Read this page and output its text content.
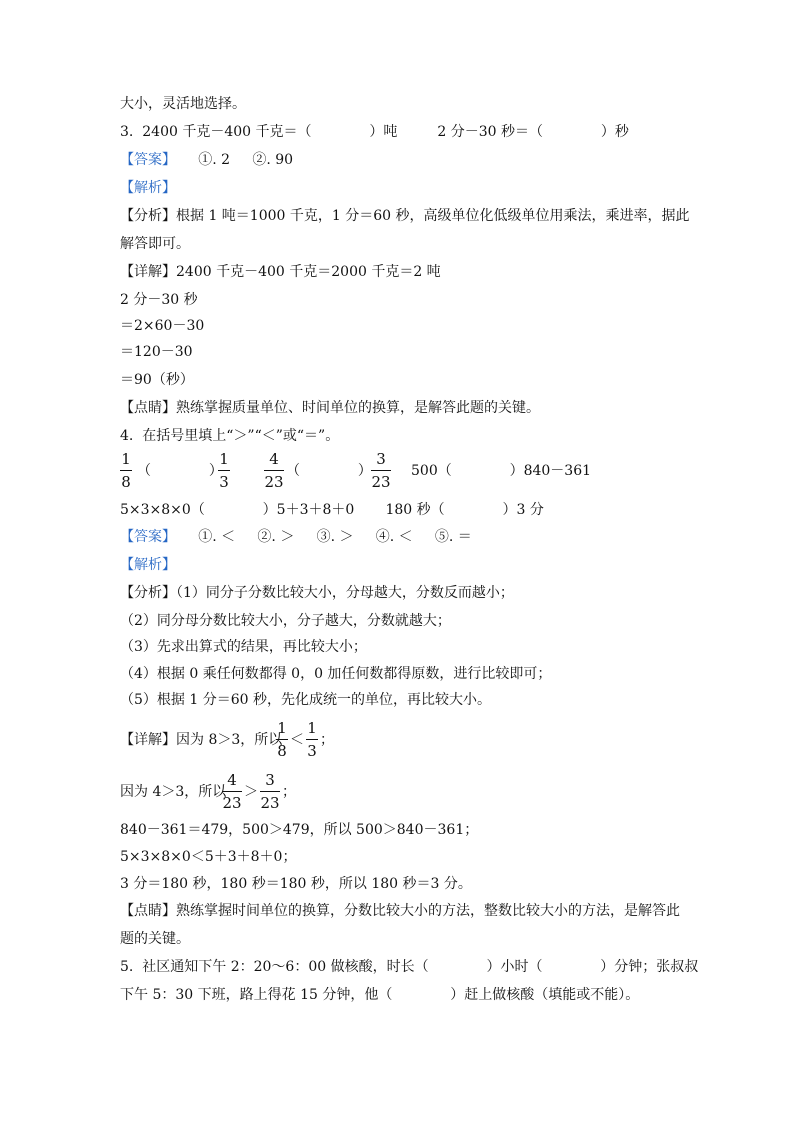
大小，灵活地选择。
3.  2400 千克－400 千克＝（             ）吨         2 分－30 秒＝（             ）秒
【答案】 ①. 2     ②. 90
【解析】
【分析】根据 1 吨＝1000 千克，1 分＝60 秒，高级单位化低级单位用乘法，乘进率，据此
解答即可。
【详解】2400 千克－400 千克＝2000 千克＝2 吨
2 分－30 秒
＝2×60－30
＝120－30
＝90（秒）
【点睛】熟练掌握质量单位、时间单位的换算，是解答此题的关键。
4.  在括号里填上“＞”“＜”或“＝”。
1
8
（             ）
1
3
4
23
（             ）
3
23
500（             ）840－361
5×3×8×0（             ）5＋3＋8＋0       180 秒（             ）3 分
【答案】 ①. ＜     ②. ＞     ③. ＞     ④. ＜     ⑤. ＝
【解析】
【分析】（1）同分子分数比较大小，分母越大，分数反而越小；
（2）同分母分数比较大小，分子越大，分数就越大；
（3）先求出算式的结果，再比较大小；
（4）根据 0 乘任何数都得 0，0 加任何数都得原数，进行比较即可；
（5）根据 1 分＝60 秒，先化成统一的单位，再比较大小。
【详解】因为 8＞3，所以
1
8
＜
1
3
；
因为 4＞3，所以
4
23
＞
3
23
；
840－361＝479，500＞479，所以 500＞840－361；
5×3×8×0＜5＋3＋8＋0；
3 分＝180 秒，180 秒＝180 秒，所以 180 秒＝3 分。
【点睛】熟练掌握时间单位的换算，分数比较大小的方法，整数比较大小的方法，是解答此
题的关键。
5.  社区通知下午 2：20～6：00 做核酸，时长（             ）小时（             ）分钟；张叔叔
下午 5：30 下班，路上得花 15 分钟，他（             ）赶上做核酸（填能或不能）。
